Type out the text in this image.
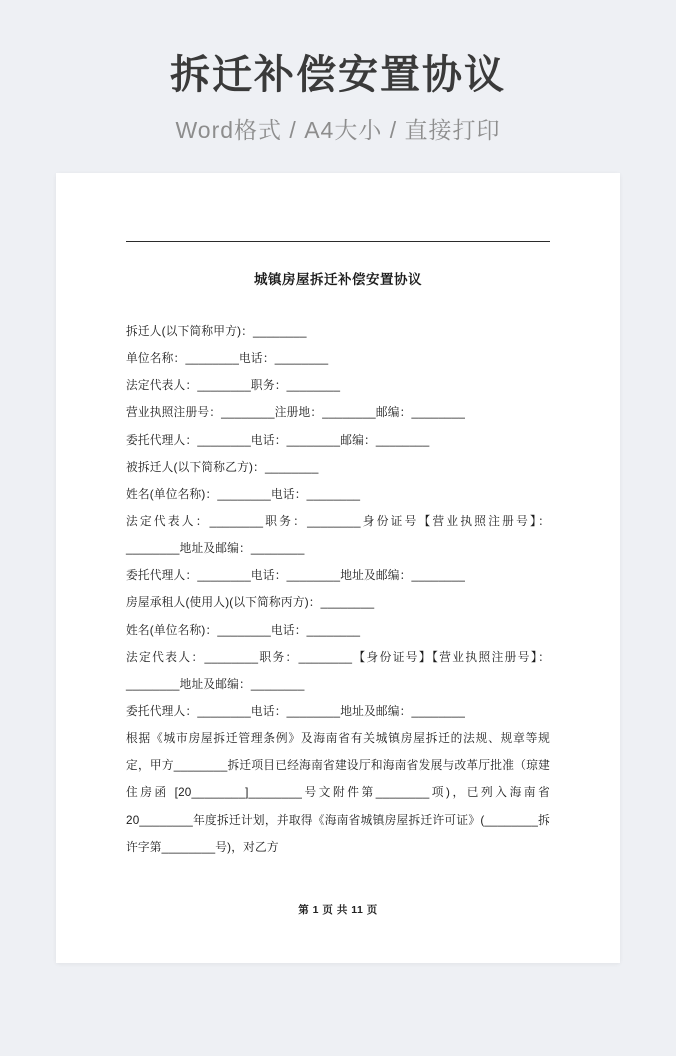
拆迁补偿安置协议
Word格式 / A4大小 / 直接打印
城镇房屋拆迁补偿安置协议

拆迁人(以下简称甲方)：________

单位名称：________电话：________

法定代表人：________职务：________

营业执照注册号：________注册地：________邮编：________

委托代理人：________电话：________邮编：________

被拆迁人(以下简称乙方)：________

姓名(单位名称)：________电话：________

法定代表人：________职务：________身份证号【营业执照注册号】：________地址及邮编：________

委托代理人：________电话：________地址及邮编：________

房屋承租人(使用人)(以下简称丙方)：________

姓名(单位名称)：________电话：________

法定代表人：________职务：________【身份证号】【营业执照注册号】：________地址及邮编：________

委托代理人：________电话：________地址及邮编：________

根据《城市房屋拆迁管理条例》及海南省有关城镇房屋拆迁的法规、规章等规定，甲方________拆迁项目已经海南省建设厅和海南省发展与改革厅批准（琼建住房函 [20________]________号文附件第________项)，已列入海南省 20________年度拆迁计划，并取得《海南省城镇房屋拆迁许可证》(________拆许字第________号)，对乙方

第 1 页 共 11 页
